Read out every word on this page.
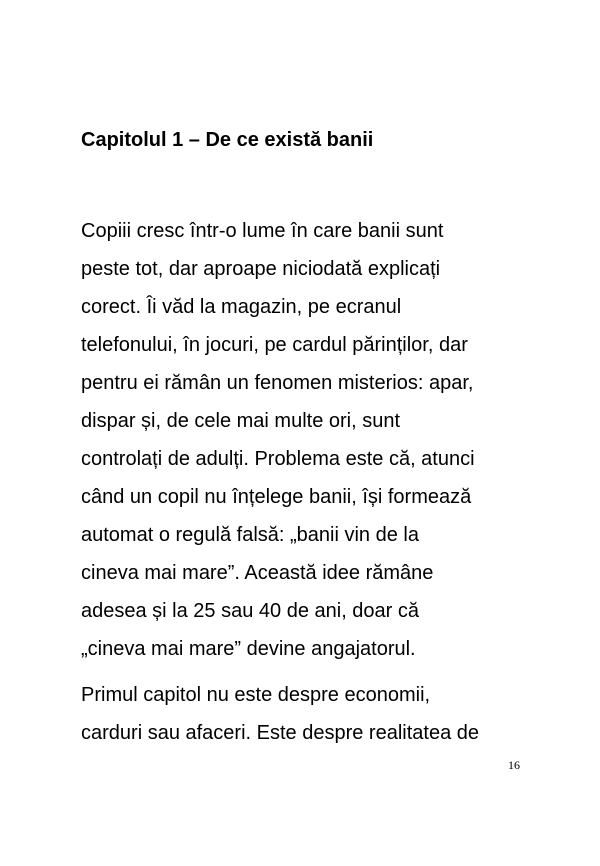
Capitolul 1 – De ce există banii

Copiii cresc într-o lume în care banii sunt
peste tot, dar aproape niciodată explicați
corect. Îi văd la magazin, pe ecranul
telefonului, în jocuri, pe cardul părinților, dar
pentru ei rămân un fenomen misterios: apar,
dispar și, de cele mai multe ori, sunt
controlați de adulți. Problema este că, atunci
când un copil nu înțelege banii, își formează
automat o regulă falsă: „banii vin de la
cineva mai mare”. Această idee rămâne
adesea și la 25 sau 40 de ani, doar că
„cineva mai mare” devine angajatorul.

Primul capitol nu este despre economii,
carduri sau afaceri. Este despre realitatea de

16
